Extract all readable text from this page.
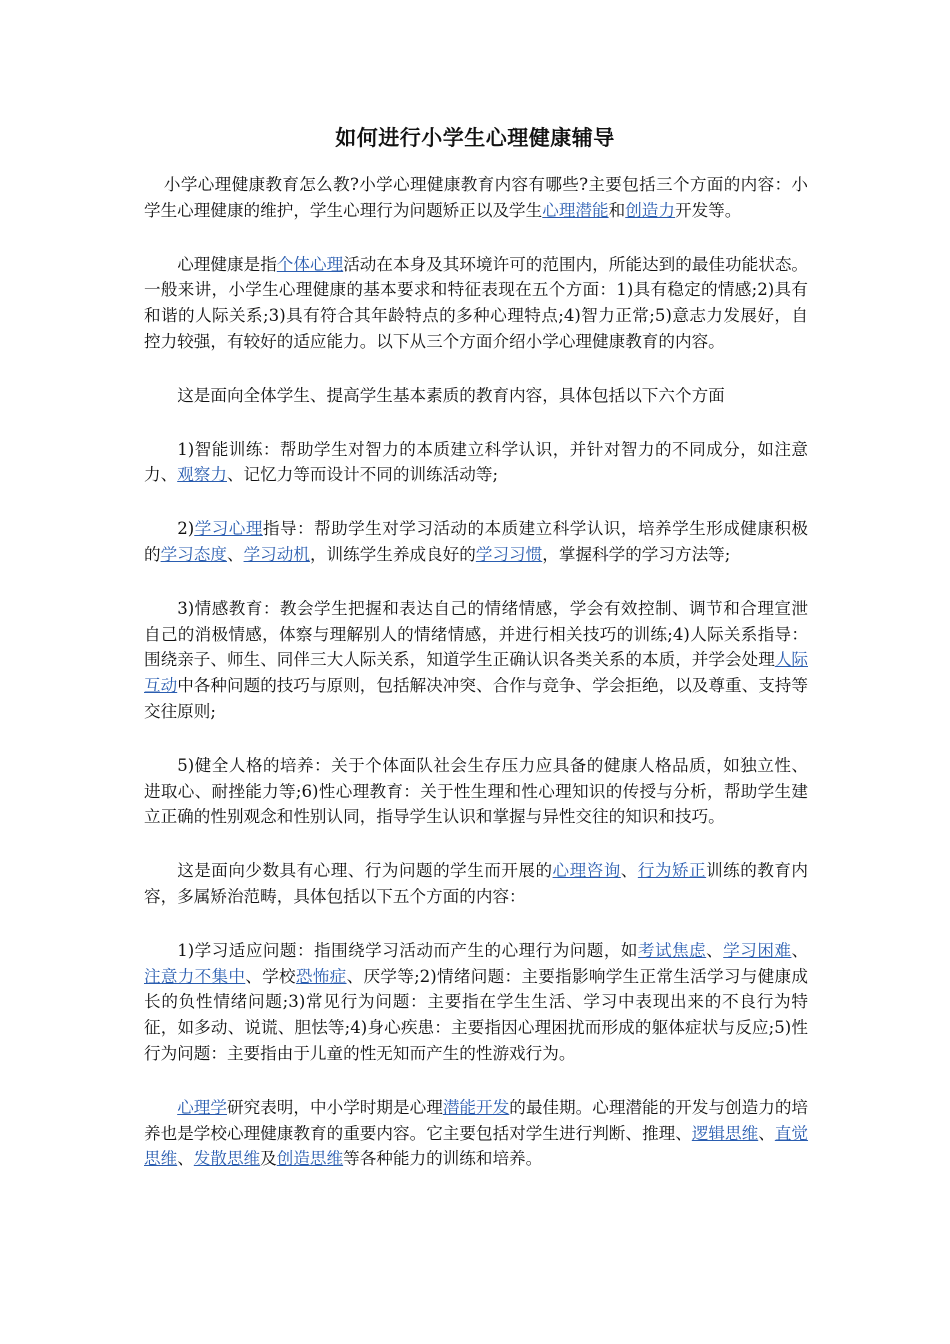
如何进行小学生心理健康辅导

小学心理健康教育怎么教?小学心理健康教育内容有哪些?主要包括三个方面的内容：小学生心理健康的维护，学生心理行为问题矫正以及学生心理潜能和创造力开发等。

心理健康是指个体心理活动在本身及其环境许可的范围内，所能达到的最佳功能状态。一般来讲，小学生心理健康的基本要求和特征表现在五个方面：1)具有稳定的情感;2)具有和谐的人际关系;3)具有符合其年龄特点的多种心理特点;4)智力正常;5)意志力发展好，自控力较强，有较好的适应能力。以下从三个方面介绍小学心理健康教育的内容。

这是面向全体学生、提高学生基本素质的教育内容，具体包括以下六个方面

1)智能训练：帮助学生对智力的本质建立科学认识，并针对智力的不同成分，如注意力、观察力、记忆力等而设计不同的训练活动等;

2)学习心理指导：帮助学生对学习活动的本质建立科学认识，培养学生形成健康积极的学习态度、学习动机，训练学生养成良好的学习习惯，掌握科学的学习方法等;

3)情感教育：教会学生把握和表达自己的情绪情感，学会有效控制、调节和合理宣泄自己的消极情感，体察与理解别人的情绪情感，并进行相关技巧的训练;4)人际关系指导：围绕亲子、师生、同伴三大人际关系，知道学生正确认识各类关系的本质，并学会处理人际互动中各种问题的技巧与原则，包括解决冲突、合作与竞争、学会拒绝，以及尊重、支持等交往原则;

5)健全人格的培养：关于个体面队社会生存压力应具备的健康人格品质，如独立性、进取心、耐挫能力等;6)性心理教育：关于性生理和性心理知识的传授与分析，帮助学生建立正确的性别观念和性别认同，指导学生认识和掌握与异性交往的知识和技巧。

这是面向少数具有心理、行为问题的学生而开展的心理咨询、行为矫正训练的教育内容，多属矫治范畴，具体包括以下五个方面的内容：

1)学习适应问题：指围绕学习活动而产生的心理行为问题，如考试焦虑、学习困难、注意力不集中、学校恐怖症、厌学等;2)情绪问题：主要指影响学生正常生活学习与健康成长的负性情绪问题;3)常见行为问题：主要指在学生生活、学习中表现出来的不良行为特征，如多动、说谎、胆怯等;4)身心疾患：主要指因心理困扰而形成的躯体症状与反应;5)性行为问题：主要指由于儿童的性无知而产生的性游戏行为。

心理学研究表明，中小学时期是心理潜能开发的最佳期。心理潜能的开发与创造力的培养也是学校心理健康教育的重要内容。它主要包括对学生进行判断、推理、逻辑思维、直觉思维、发散思维及创造思维等各种能力的训练和培养。
